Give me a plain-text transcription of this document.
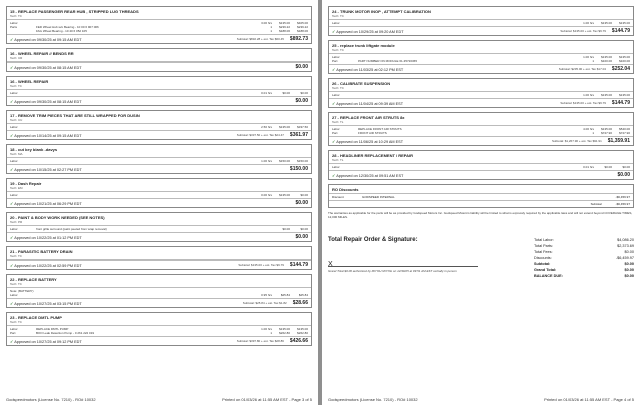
15 - REPLACE PASSENGER REAR HUB , STRIPPED LUG THREADS
Tech: TC
Labor	3.00 hrs	$135.00	$405.00
Parts	FED Wheel Hub w/o Bearing - 10 00 6 907 006	1	$239.22	$239.22
FAG Wheel Bearing - 10 40 6 052 105	1	$188.06	$188.06
✓Approved on 09/30/25 at 09:15 AM EDT	Subtotal: $832.28 + est. Tax $60.45 $892.73
16 - WHEEL REPAIR // BENDS RR
Tech: CR
✓Approved on 09/30/25 at 08:15 AM EDT	$0.00
16 - WHEEL REPAIR
Tech: TC
Labor	0.01 hrs	$0.00	$0.00
✓Approved on 09/30/25 at 08:15 AM EDT	$0.00
17 - REMOVE TRIM PIECES THAT ARE STILL WRAPPED FOR DUSIN
Tech: CU
Labor	2.50 hrs	$135.00	$337.50
✓Approved on 10/14/25 at 09:15 AM EDT	Subtotal: $337.50 + est. Tax $24.47 $361.97
18 - cut key blank -davys
Tech: MA
Labor	1.00 hrs	$150.00	$150.00
✓Approved on 10/15/25 at 02:27 PM EDT	$150.00
19 - Dash Repair
Tech: EM
Labor	0.00 hrs	$135.00	$0.00
✓Approved on 10/21/25 at 06:29 PM EDT	$0.00
20 - PAINT & BODY WORK NEEDED (SEE NOTES)
Tech: PR
Labor	front grille surround (paint peeled from wrap removal)	$0.00	$0.00
✓Approved on 10/22/25 at 01:12 PM EDT	$0.00
21 - PARASITIC BATTERY DRAIN
Tech: TC
✓Approved on 10/22/25 at 02:59 PM EDT	Subtotal: $135.00 + est. Tax $9.79 $144.79
22 - REPLACE BATTERY
Tech: TC
Note: (BATTERY)
Labor	0.95 hrs	$25.84	$25.84
✓Approved on 10/27/25 at 03:15 PM EDT	Subtotal: $25.84 + est. Tax $1.82 $28.66
23 - REPLACE DMTL PUMP
Tech: TC
Labor	REPLACE DMTL PUMP	1.00 hrs	$135.00	$135.00
Part	BOO Leak Detection Pump - 0 261 222 019	1	$262.80	$262.80
✓Approved on 10/27/25 at 09:12 PM EDT	Subtotal: $397.80 + est. Tax $28.86 $426.66
Godspeedmotors (License No. 7210) - RO# 10032	Printed on 01/03/26 at 11:55 AM EST - Page 3 of 5
24 - TRUNK MOTOR INOP , ATTEMPT CALIBRATION
Tech: TC
Labor	1.00 hrs	$135.00	$135.00
✓Approved on 10/29/25 at 09:20 AM EDT	Subtotal: $135.00 + est. Tax $9.79 $144.79
25 - replace trunk liftgate module
Tech: TC
Labor	1.00 hrs	$135.00	$135.00
Part	PART NUMBER ON MODULE 61-35720365	1	$100.00	$100.00
✓Approved on 11/03/25 at 02:12 PM EST	Subtotal: $235.00 + est. Tax $17.04 $252.04
26 - CALIBRATE SUSPENSION
Tech: TC
Labor	1.00 hrs	$135.00	$135.00
✓Approved on 11/04/25 at 09:39 AM EST	Subtotal: $135.00 + est. Tax $9.79 $144.79
27 - REPLACE FRONT AIR STRUTS 8x
Tech: TL
Labor	REPLACE FRONT AIR STRUTS	4.00 hrs	$135.00	$540.00
Part	FRONT AIR STRUTS	1	$727.90	$727.90
✓Approved on 11/06/25 at 10:29 AM EST	Subtotal: $1,267.90 + est. Tax $91.91 $1,359.91
28 - HEADLINER REPLACEMENT / REPAIR
Tech: TL
Labor	0.01 hrs	$0.00	$0.00
✓Approved on 12/30/25 at 09:51 AM EST	$0.00
RO Discounts
Discount	GODSPEED INTERNAL	-$6,459.97
Subtotal	-$6,459.97
The warranties as applicable for the parts will be as provided by Godspeed Motors Inc. Godspeed Motors's liability will be limited to what is expressly required by the applicable laws and will not extend beyond COVERAGE TIMES, 12,000 MILES.
Total Repair Order & Signature:
X
Grand Total $0.00 authorized by MIYOH MIYOH on 12/30/25 at 09:51 AM EST verbally in person
Total Labor:	$4,086.20
Total Parts:	$2,373.69
Total Fees:	$0.00
Discounts:	-$6,459.97
Subtotal:	$0.00
Grand Total:	$0.00
BALANCE DUE:	$0.00
Godspeedmotors (License No. 7210) - RO# 10032	Printed on 01/03/26 at 11:55 AM EST - Page 4 of 5
